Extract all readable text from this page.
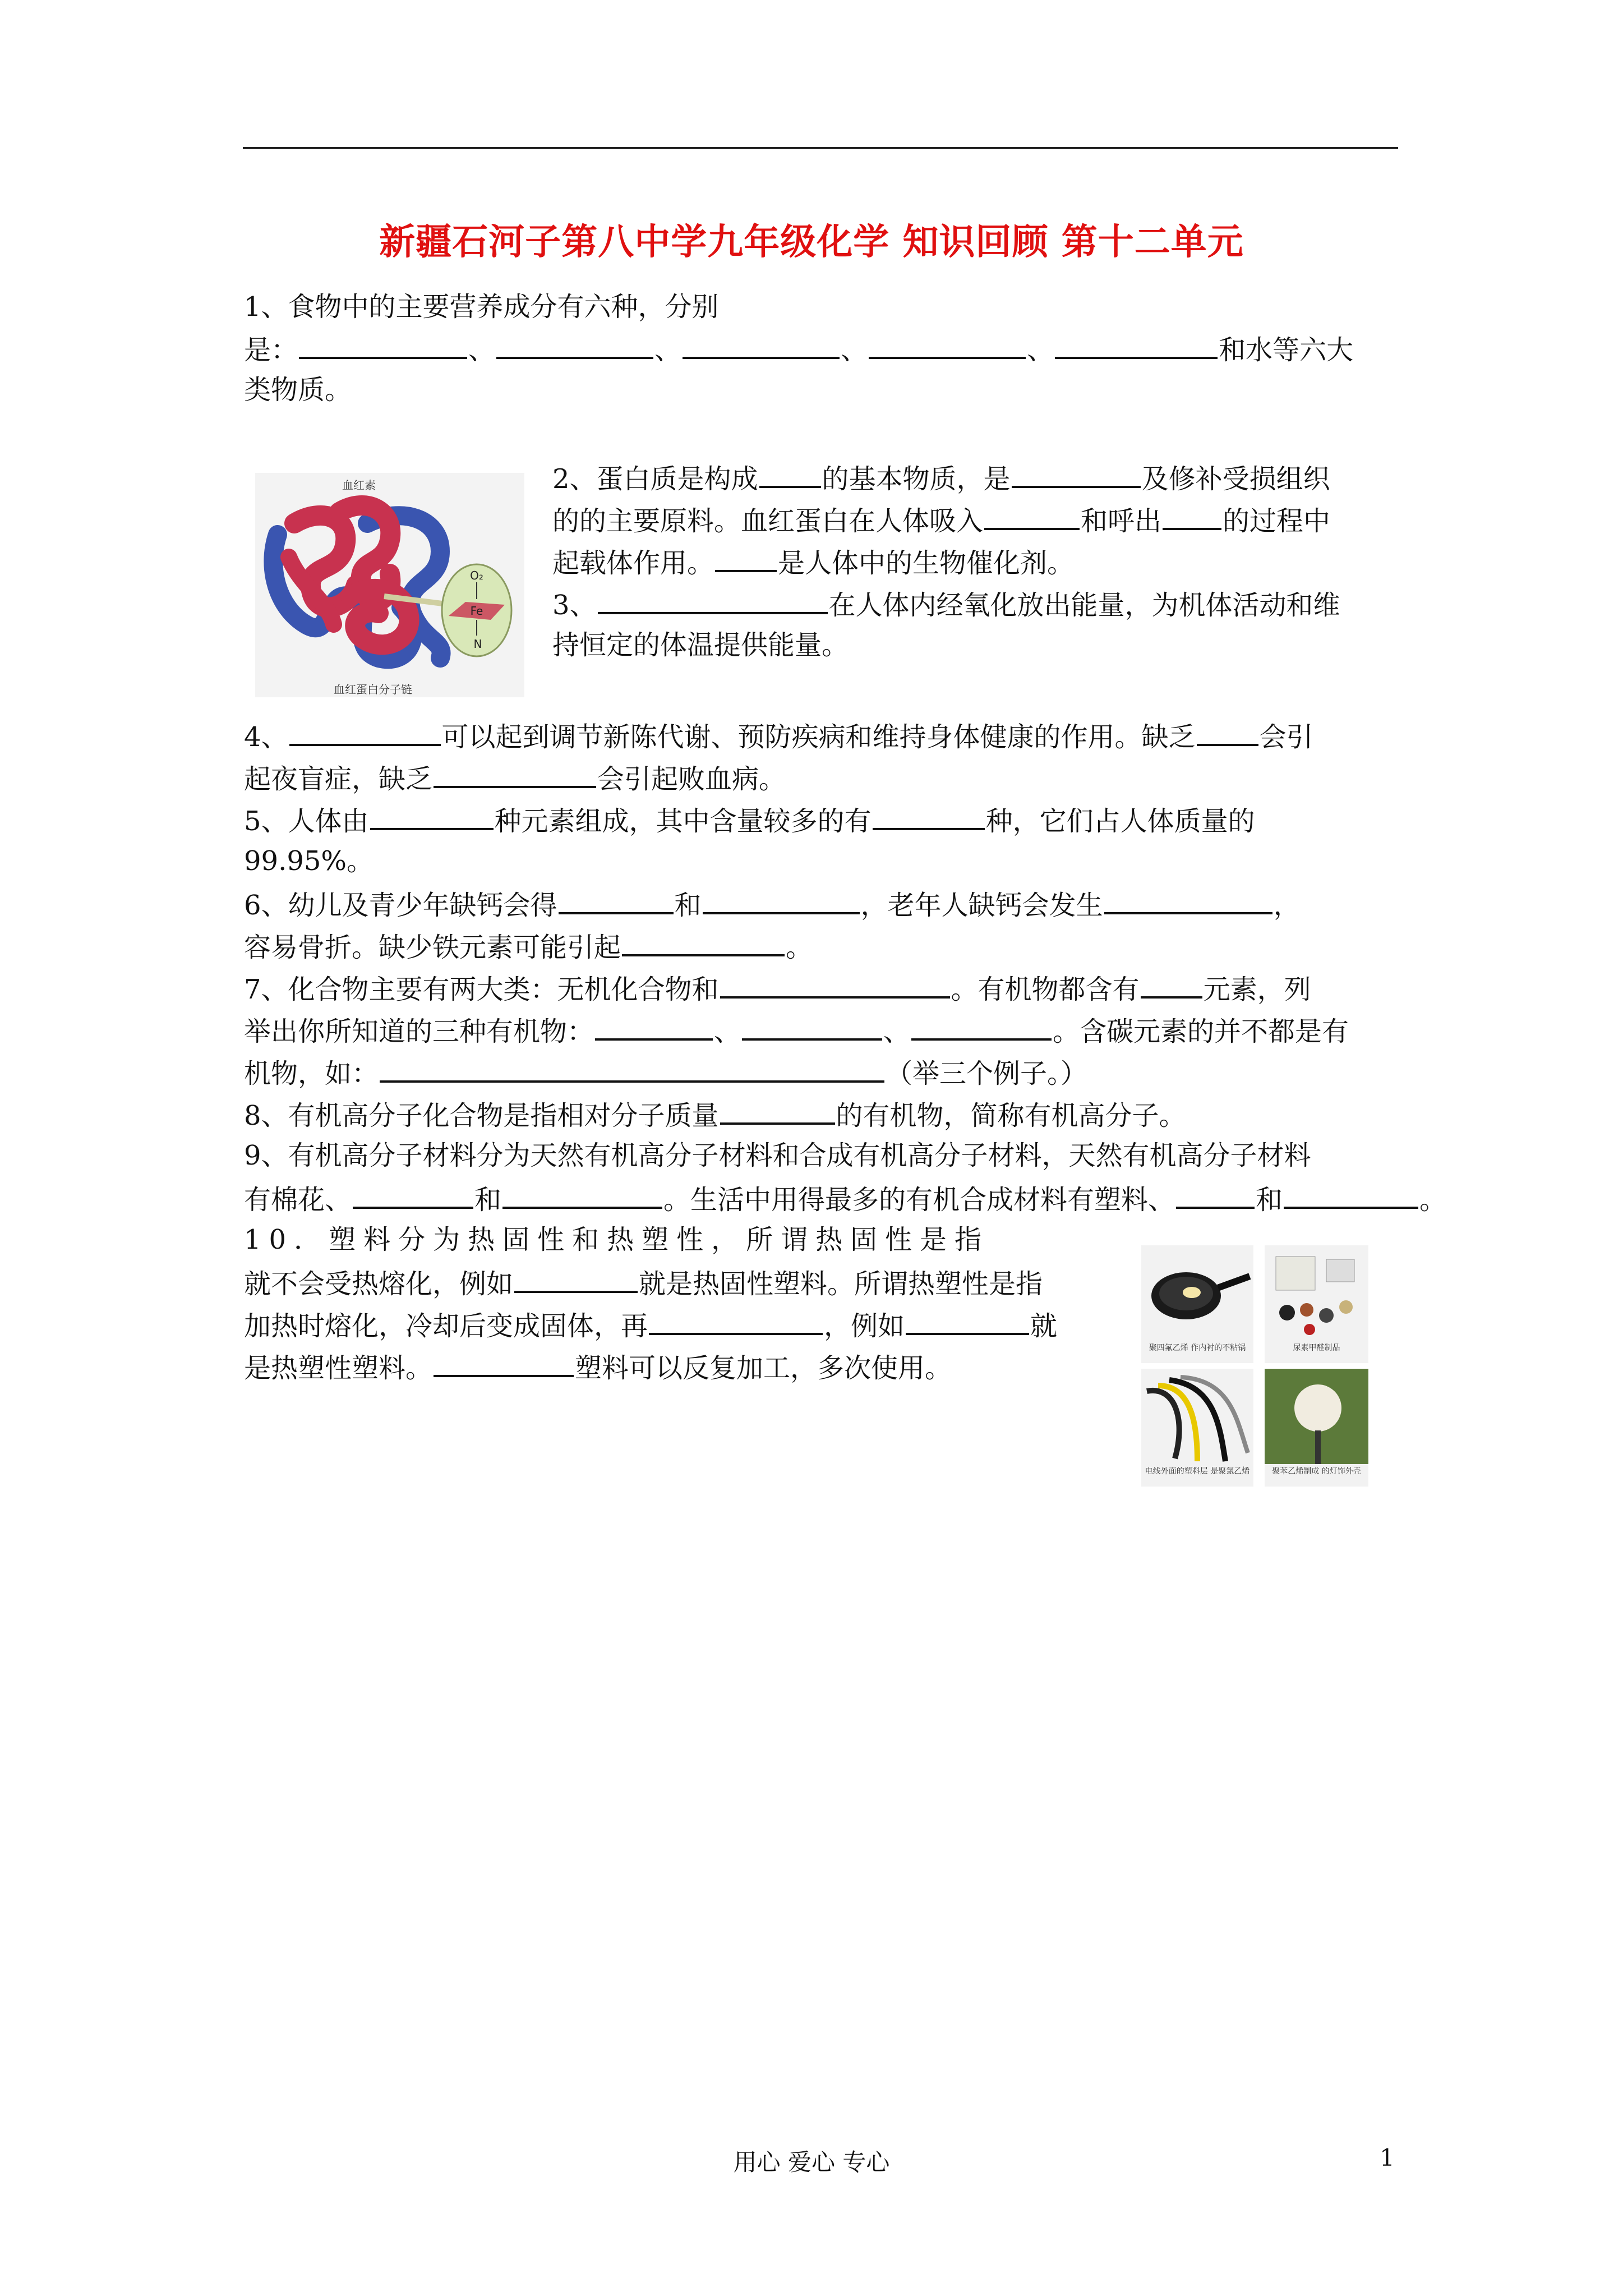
新疆石河子第八中学九年级化学 知识回顾 第十二单元
1、食物中的主要营养成分有六种，分别
是：	、	、	、	、	和水等六大
类物质。
O₂
Fe
N
血红素
血红蛋白分子链
2、蛋白质是构成 的基本物质，是	及修补受损组织
的的主要原料。血红蛋白在人体吸入	和呼出 的过程中
起载体作用。 是人体中的生物催化剂。
3、	在人体内经氧化放出能量，为机体活动和维
持恒定的体温提供能量。
4、	可以起到调节新陈代谢、预防疾病和维持身体健康的作用。缺乏 会引
起夜盲症，缺乏	会引起败血病。
5、人体由	种元素组成，其中含量较多的有	种，它们占人体质量的
99.95%。
6、幼儿及青少年缺钙会得	和	，老年人缺钙会发生	，
容易骨折。缺少铁元素可能引起	。
7、化合物主要有两大类：无机化合物和	。有机物都含有 元素，列
举出你所知道的三种有机物：	、	、	。含碳元素的并不都是有
机物，如：	（举三个例子。）
8、有机高分子化合物是指相对分子质量	的有机物，简称有机高分子。
9、有机高分子材料分为天然有机高分子材料和合成有机高分子材料，天然有机高分子材料
有棉花、	和	。生活中用得最多的有机合成材料有塑料、	和	。
10．塑料分为热固性和热塑性，所谓热固性是指
就不会受热熔化，例如	就是热固性塑料。所谓热塑性是指
加热时熔化，冷却后变成固体，再	，例如	就
是热塑性塑料。	塑料可以反复加工，多次使用。
聚四氟乙烯 作内衬的不粘锅	尿素甲醛制品
电线外面的塑料层 是聚氯乙烯	聚苯乙烯制成 的灯饰外壳
用心 爱心 专心	1
